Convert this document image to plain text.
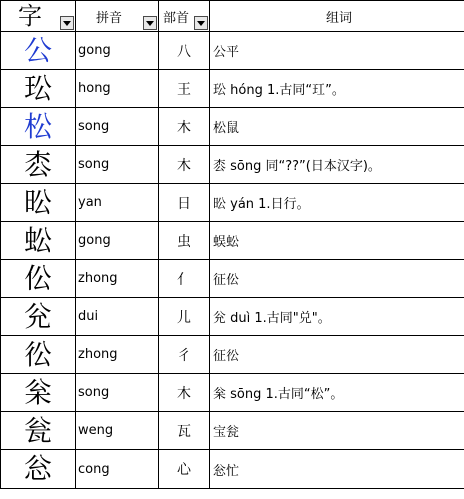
字	拼音	部首	组词

公	gong	八	公平
玜	hong	王	玜 hóng 1.古同“玒”。
松	song	木	松鼠
枩	song	木	枩 sōng 同“??”(日本汉字)。
昖	yan	日	昖 yán 1.日行。
蚣	gong	虫	蜈蚣
伀	zhong	亻	征伀
兊	dui	儿	兊 duì 1.古同"兑"。
彸	zhong	彳	征彸
枀	song	木	枀 sōng 1.古同“松”。
瓮	weng	瓦	宝瓮
忩	cong	心	忩忙
